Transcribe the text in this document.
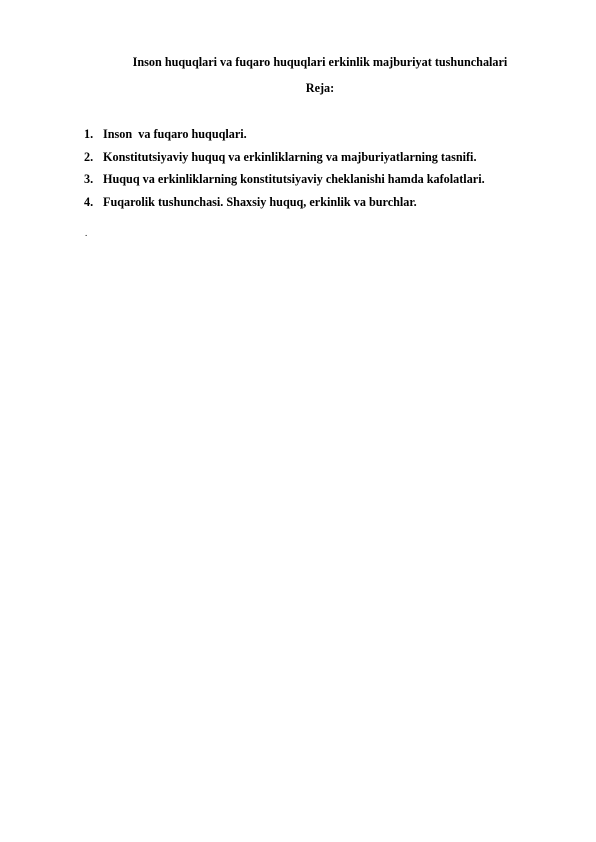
Inson huquqlari va fuqaro huquqlari erkinlik majburiyat tushunchalari
Reja:
1. Inson  va fuqaro huquqlari.
2. Konstitutsiyaviy huquq va erkinliklarning va majburiyatlarning tasnifi.
3. Huquq va erkinliklarning konstitutsiyaviy cheklanishi hamda kafolatlari.
4. Fuqarolik tushunchasi. Shaxsiy huquq, erkinlik va burchlar.
.
